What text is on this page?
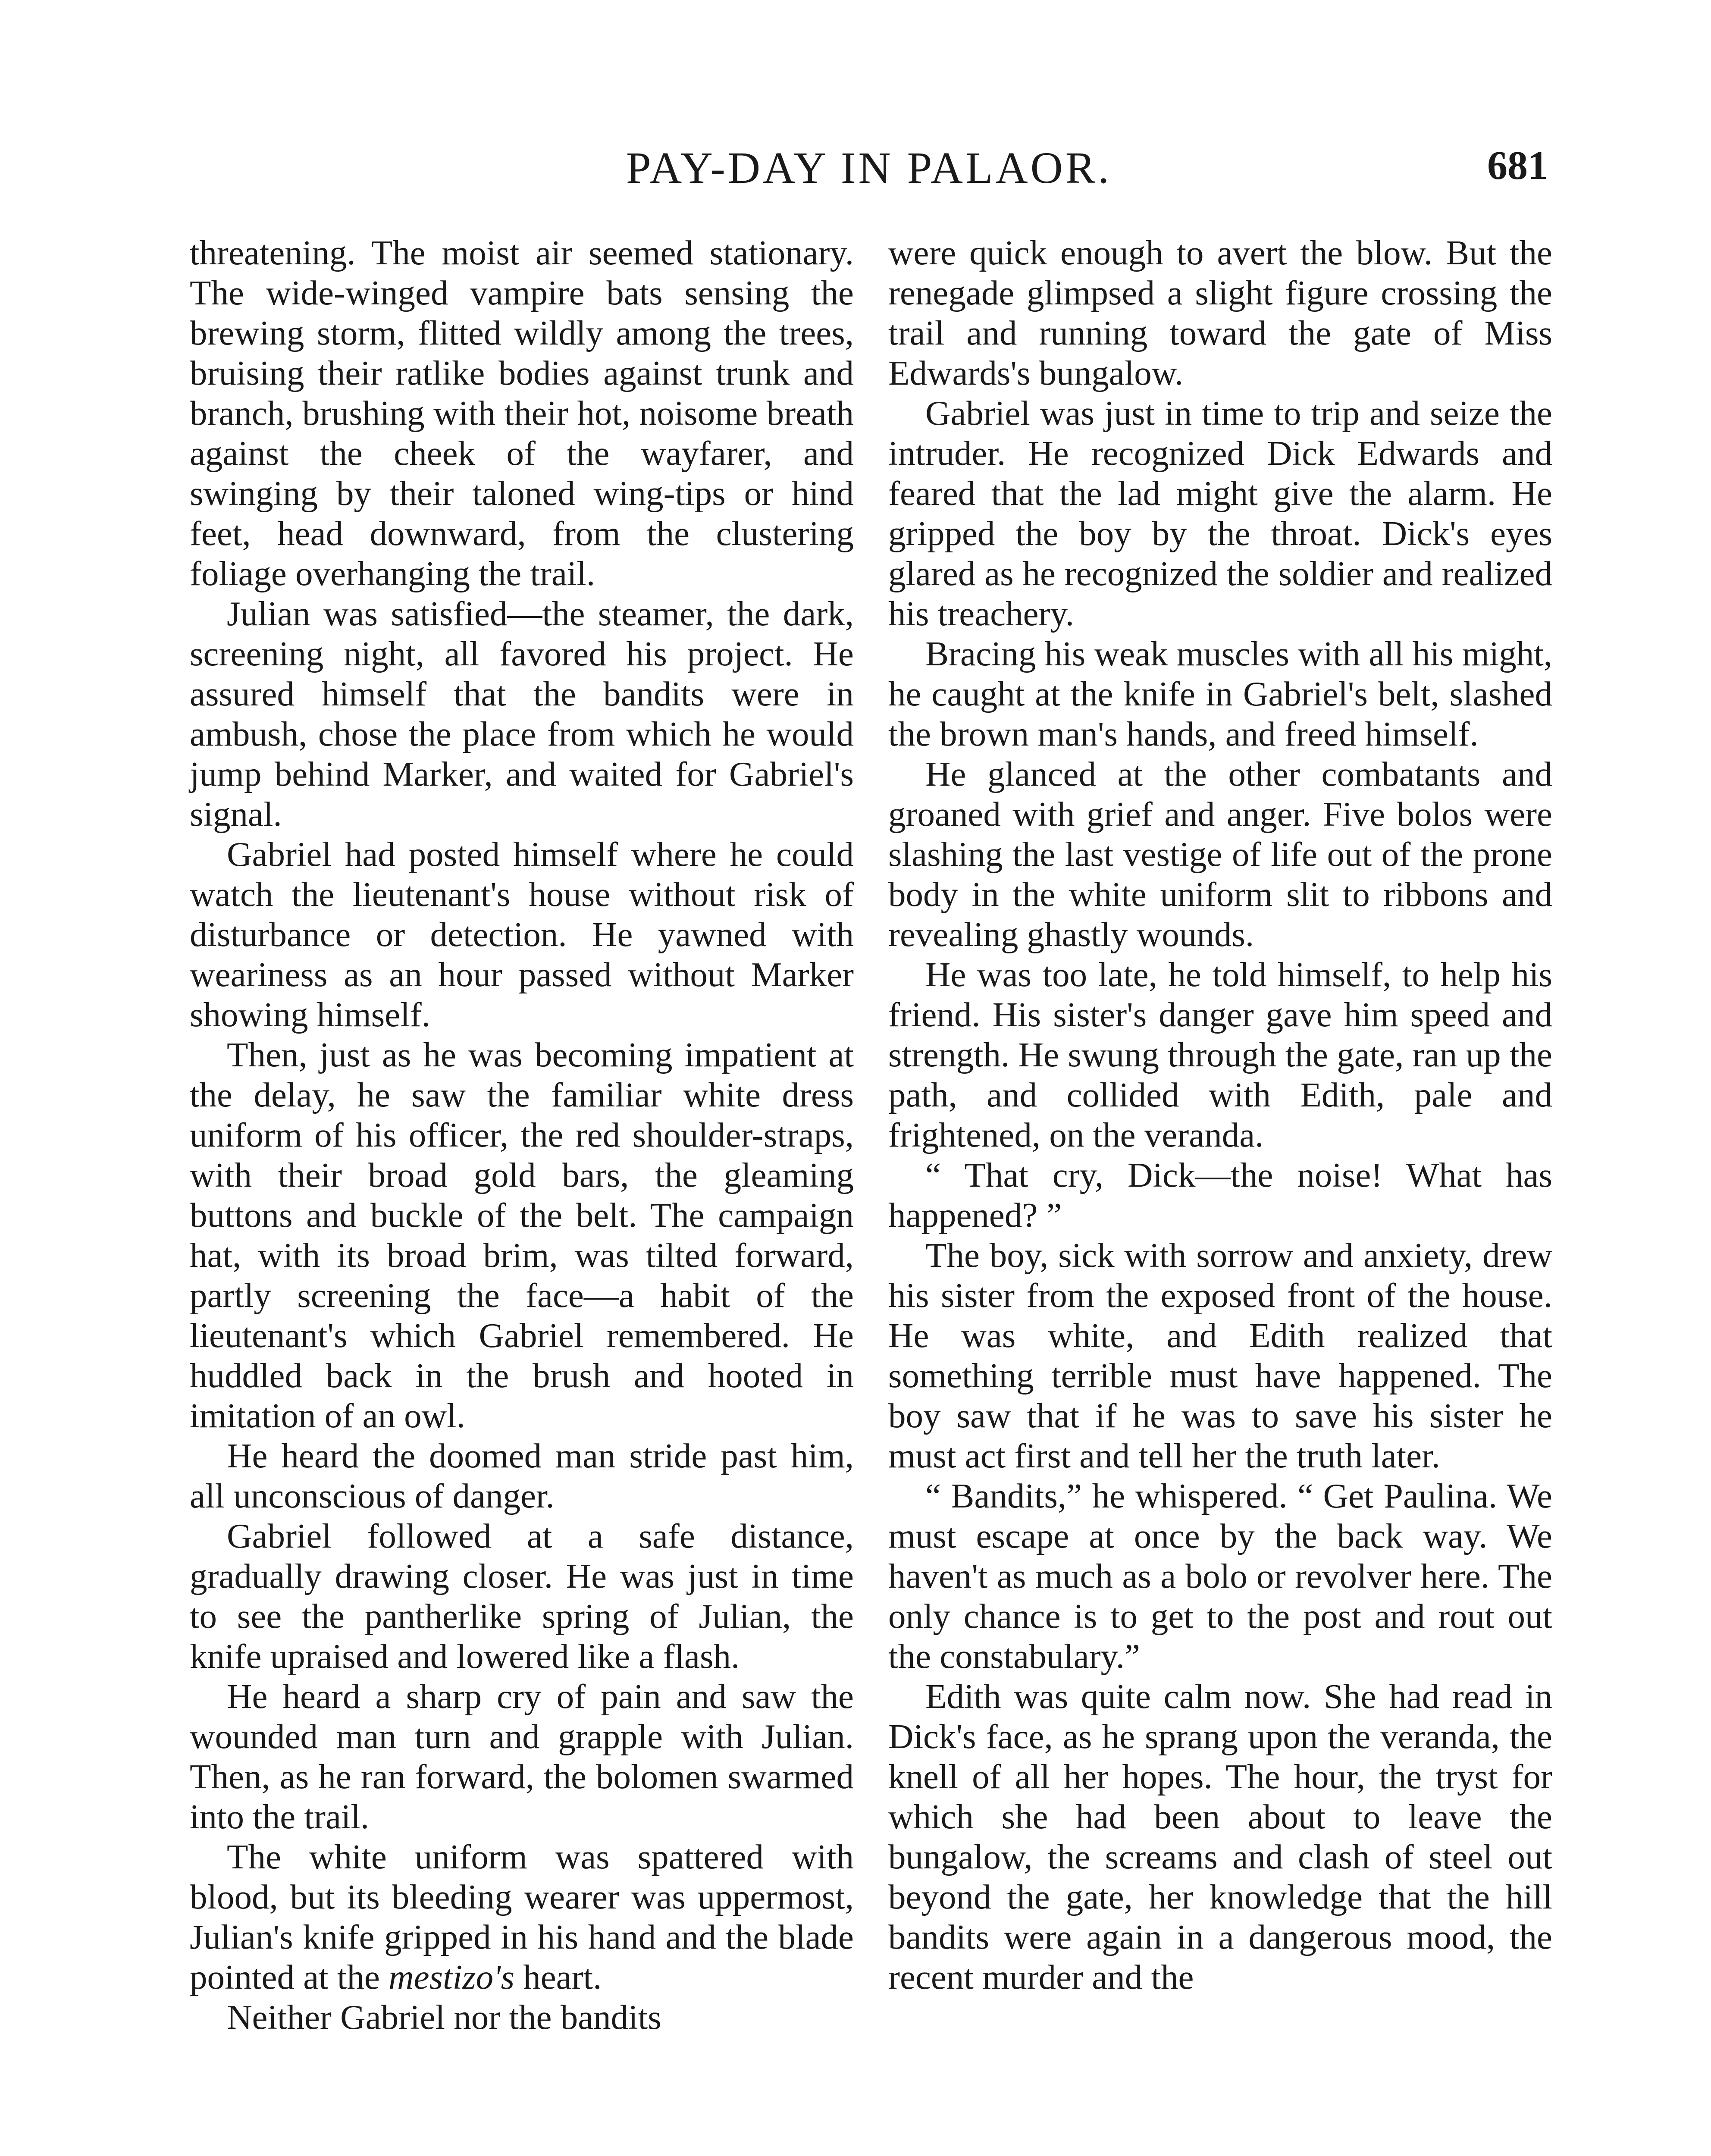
PAY-DAY IN PALAOR.	681

threatening. The moist air seemed stationary. The wide-winged vampire bats sensing the brewing storm, flitted wildly among the trees, bruising their ratlike bodies against trunk and branch, brushing with their hot, noisome breath against the cheek of the wayfarer, and swinging by their taloned wing-tips or hind feet, head downward, from the clustering foliage overhanging the trail.

Julian was satisfied—the steamer, the dark, screening night, all favored his project. He assured himself that the bandits were in ambush, chose the place from which he would jump behind Marker, and waited for Gabriel's signal.

Gabriel had posted himself where he could watch the lieutenant's house without risk of disturbance or detection. He yawned with weariness as an hour passed without Marker showing himself.

Then, just as he was becoming impatient at the delay, he saw the familiar white dress uniform of his officer, the red shoulder-straps, with their broad gold bars, the gleaming buttons and buckle of the belt. The campaign hat, with its broad brim, was tilted forward, partly screening the face—a habit of the lieutenant's which Gabriel remembered. He huddled back in the brush and hooted in imitation of an owl.

He heard the doomed man stride past him, all unconscious of danger.

Gabriel followed at a safe distance, gradually drawing closer. He was just in time to see the pantherlike spring of Julian, the knife upraised and lowered like a flash.

He heard a sharp cry of pain and saw the wounded man turn and grapple with Julian. Then, as he ran forward, the bolomen swarmed into the trail.

The white uniform was spattered with blood, but its bleeding wearer was uppermost, Julian's knife gripped in his hand and the blade pointed at the mestizo's heart.

Neither Gabriel nor the bandits

were quick enough to avert the blow. But the renegade glimpsed a slight figure crossing the trail and running toward the gate of Miss Edwards's bungalow.

Gabriel was just in time to trip and seize the intruder. He recognized Dick Edwards and feared that the lad might give the alarm. He gripped the boy by the throat. Dick's eyes glared as he recognized the soldier and realized his treachery.

Bracing his weak muscles with all his might, he caught at the knife in Gabriel's belt, slashed the brown man's hands, and freed himself.

He glanced at the other combatants and groaned with grief and anger. Five bolos were slashing the last vestige of life out of the prone body in the white uniform slit to ribbons and revealing ghastly wounds.

He was too late, he told himself, to help his friend. His sister's danger gave him speed and strength. He swung through the gate, ran up the path, and collided with Edith, pale and frightened, on the veranda.

“ That cry, Dick—the noise! What has happened? ”

The boy, sick with sorrow and anxiety, drew his sister from the exposed front of the house. He was white, and Edith realized that something terrible must have happened. The boy saw that if he was to save his sister he must act first and tell her the truth later.

“ Bandits,” he whispered. “ Get Paulina. We must escape at once by the back way. We haven't as much as a bolo or revolver here. The only chance is to get to the post and rout out the constabulary.”

Edith was quite calm now. She had read in Dick's face, as he sprang upon the veranda, the knell of all her hopes. The hour, the tryst for which she had been about to leave the bungalow, the screams and clash of steel out beyond the gate, her knowledge that the hill bandits were again in a dangerous mood, the recent murder and the
